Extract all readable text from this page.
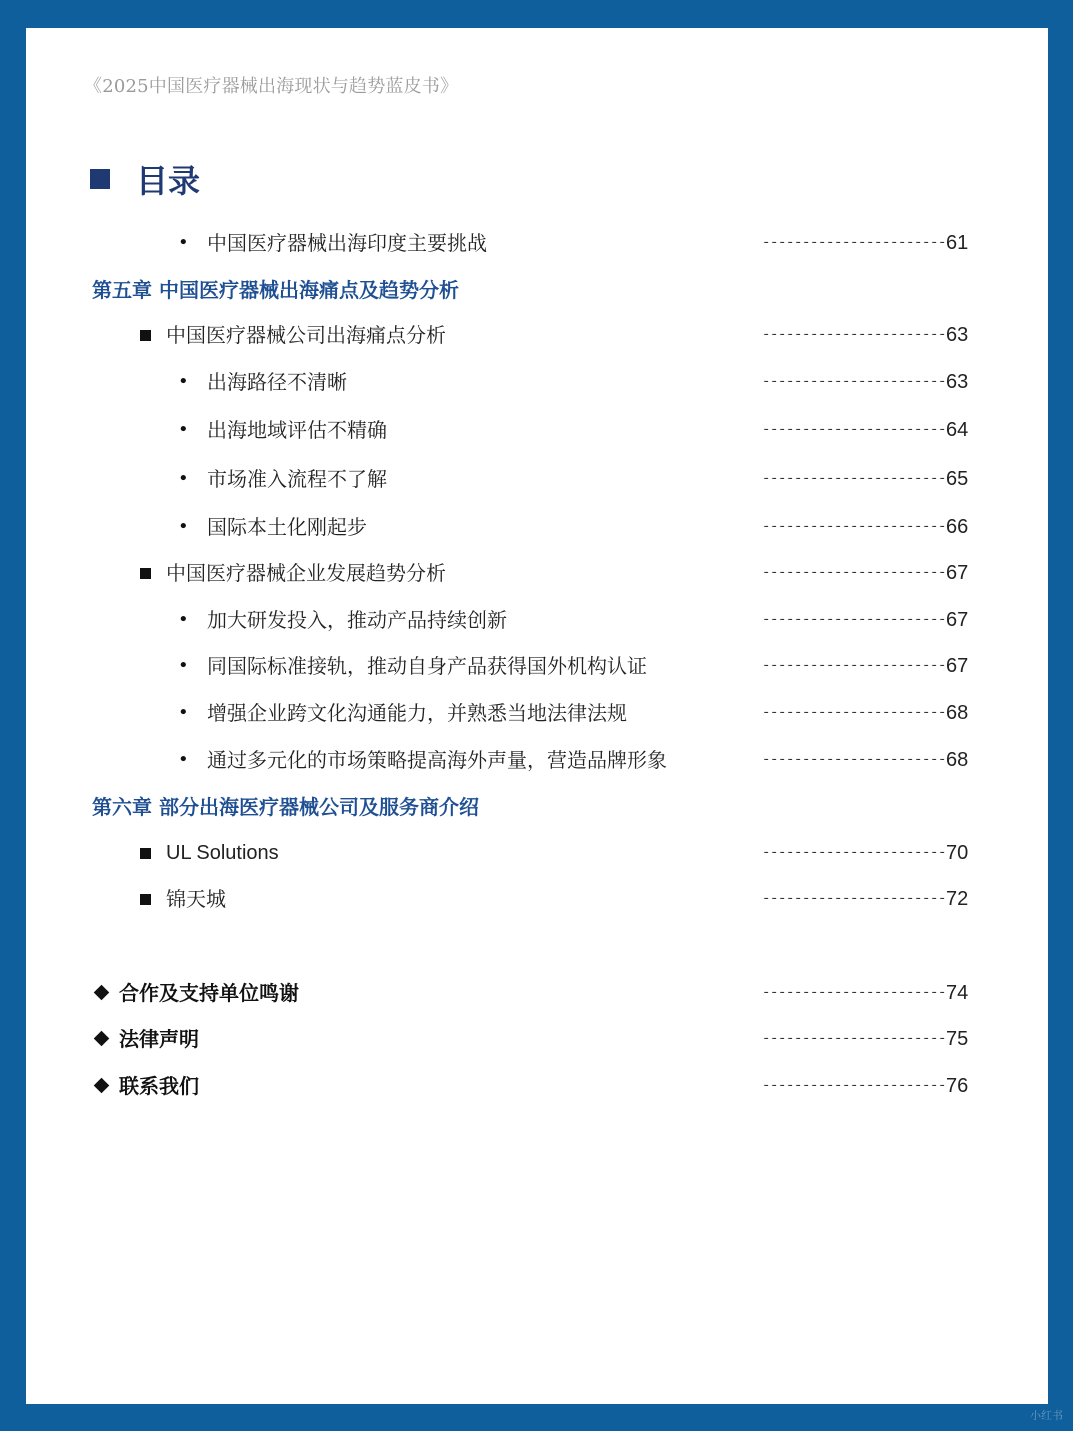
《2025中国医疗器械出海现状与趋势蓝皮书》
目录
• 中国医疗器械出海印度主要挑战	----------------------- 61
第五章 中国医疗器械出海痛点及趋势分析
中国医疗器械公司出海痛点分析	----------------------- 63
• 出海路径不清晰	----------------------- 63
• 出海地域评估不精确	----------------------- 64
• 市场准入流程不了解	----------------------- 65
• 国际本土化刚起步	----------------------- 66
中国医疗器械企业发展趋势分析	----------------------- 67
• 加大研发投入，推动产品持续创新	----------------------- 67
• 同国际标准接轨，推动自身产品获得国外机构认证	----------------------- 67
• 增强企业跨文化沟通能力，并熟悉当地法律法规	----------------------- 68
• 通过多元化的市场策略提高海外声量，营造品牌形象	----------------------- 68
第六章 部分出海医疗器械公司及服务商介绍
UL Solutions	----------------------- 70
锦天城	----------------------- 72
合作及支持单位鸣谢	----------------------- 74
法律声明	----------------------- 75
联系我们	----------------------- 76
小红书
